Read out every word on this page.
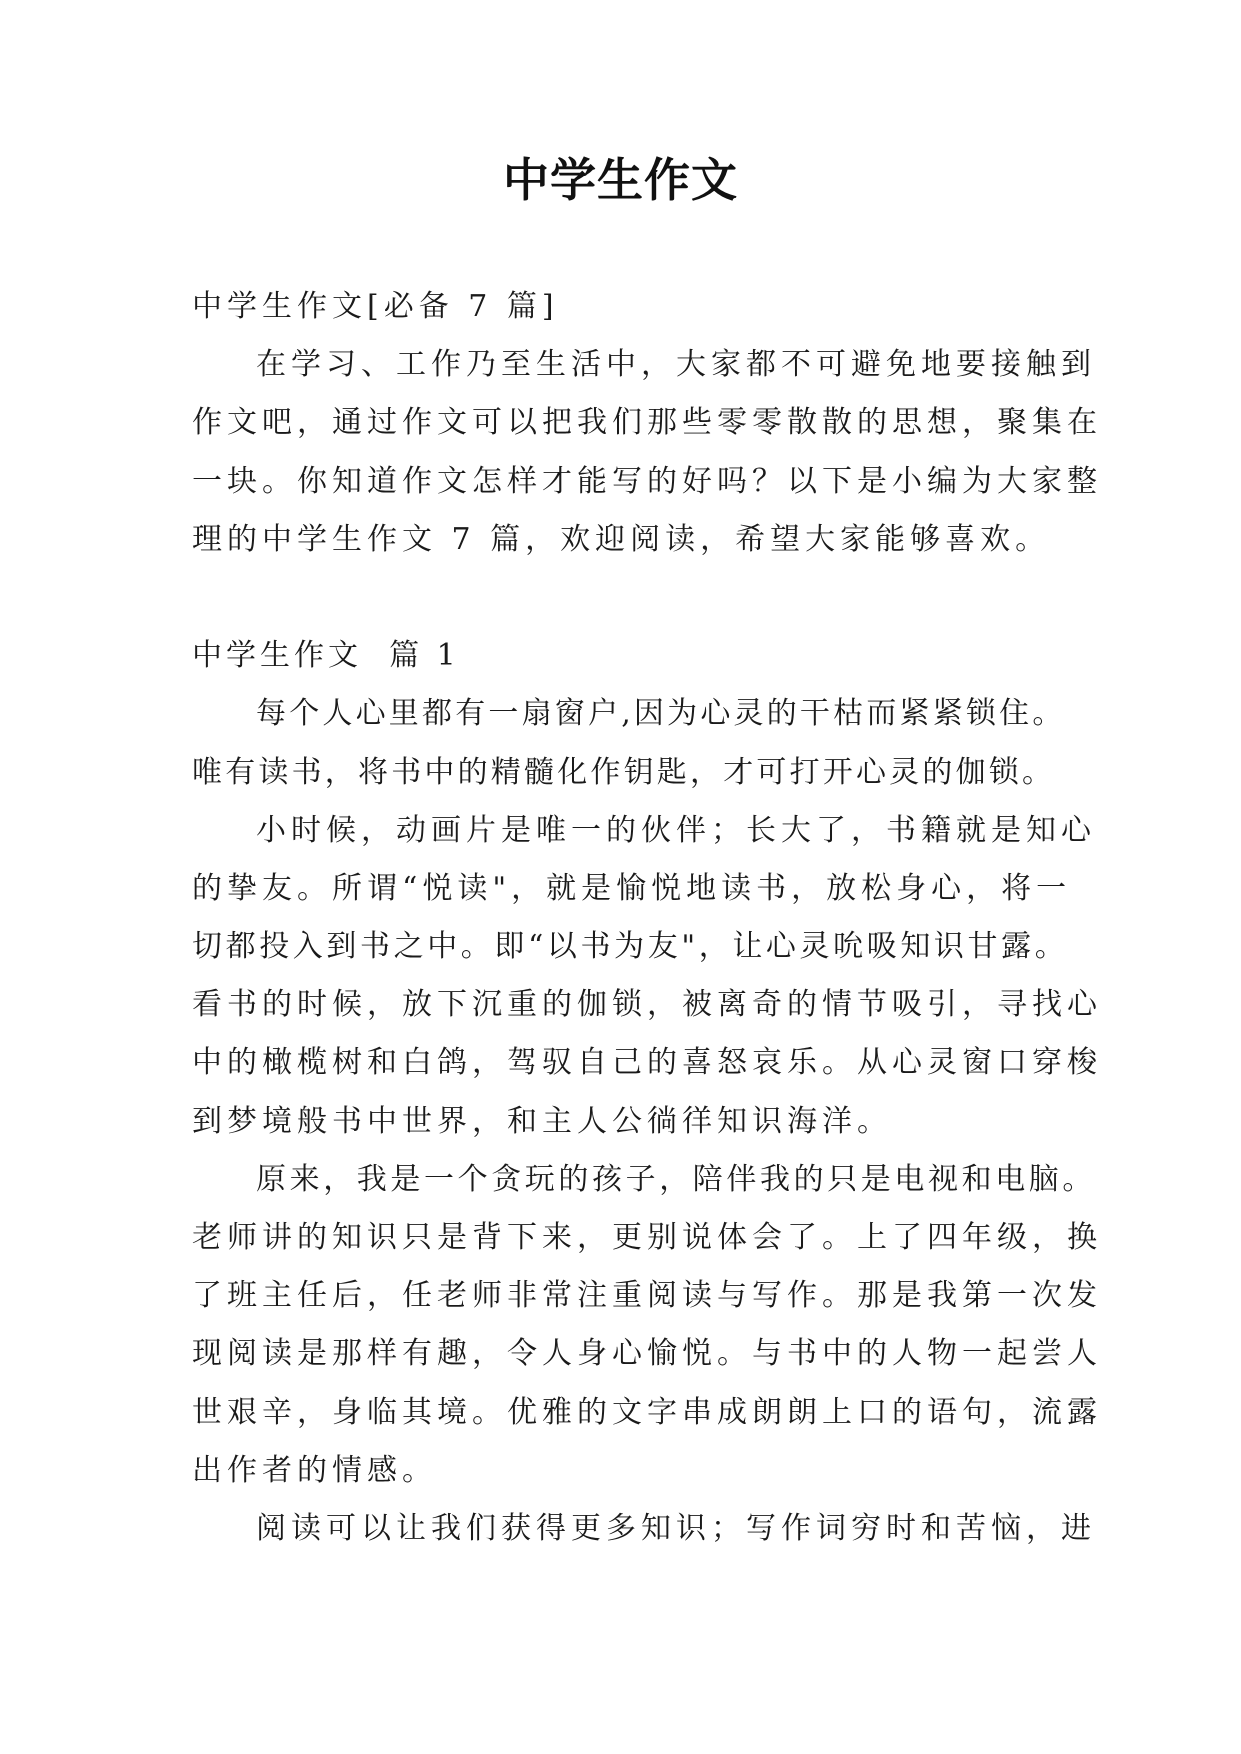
中学生作文
中学生作文[必备 7 篇]
在学习、工作乃至生活中，大家都不可避免地要接触到
作文吧，通过作文可以把我们那些零零散散的思想，聚集在
一块。你知道作文怎样才能写的好吗？以下是小编为大家整
理的中学生作文 7 篇，欢迎阅读，希望大家能够喜欢。
中学生作文  篇 1
每个人心里都有一扇窗户,因为心灵的干枯而紧紧锁住。
唯有读书，将书中的精髓化作钥匙，才可打开心灵的伽锁。
小时候，动画片是唯一的伙伴；长大了，书籍就是知心
的挚友。所谓“悦读"，就是愉悦地读书，放松身心，将一
切都投入到书之中。即“以书为友"，让心灵吮吸知识甘露。
看书的时候，放下沉重的伽锁，被离奇的情节吸引，寻找心
中的橄榄树和白鸽，驾驭自己的喜怒哀乐。从心灵窗口穿梭
到梦境般书中世界，和主人公徜徉知识海洋。
原来，我是一个贪玩的孩子，陪伴我的只是电视和电脑。
老师讲的知识只是背下来，更别说体会了。上了四年级，换
了班主任后，任老师非常注重阅读与写作。那是我第一次发
现阅读是那样有趣，令人身心愉悦。与书中的人物一起尝人
世艰辛，身临其境。优雅的文字串成朗朗上口的语句，流露
出作者的情感。
阅读可以让我们获得更多知识；写作词穷时和苦恼，进
